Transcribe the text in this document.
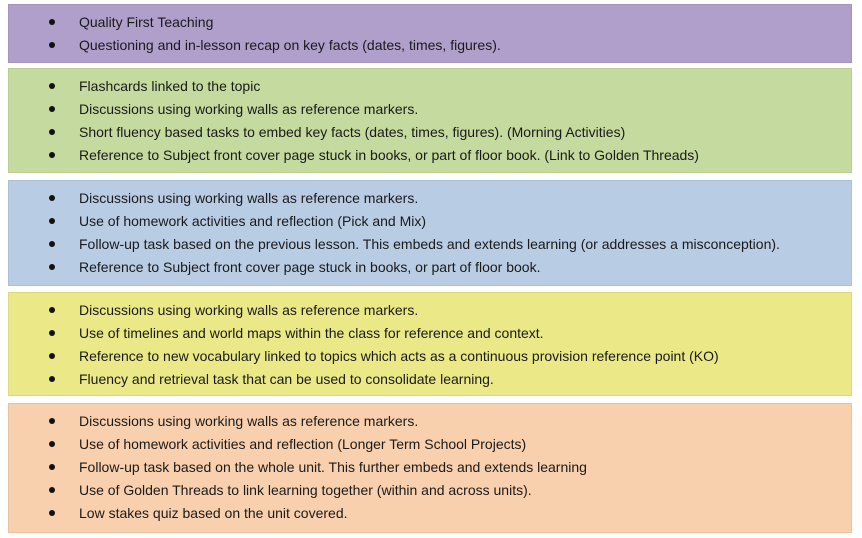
Quality First Teaching
Questioning and in-lesson recap on key facts (dates, times, figures).
Flashcards linked to the topic
Discussions using working walls as reference markers.
Short fluency based tasks to embed key facts (dates, times, figures). (Morning Activities)
Reference to Subject front cover page stuck in books, or part of floor book. (Link to Golden Threads)
Discussions using working walls as reference markers.
Use of homework activities and reflection (Pick and Mix)
Follow-up task based on the previous lesson. This embeds and extends learning (or addresses a misconception).
Reference to Subject front cover page stuck in books, or part of floor book.
Discussions using working walls as reference markers.
Use of timelines and world maps within the class for reference and context.
Reference to new vocabulary linked to topics which acts as a continuous provision reference point (KO)
Fluency and retrieval task that can be used to consolidate learning.
Discussions using working walls as reference markers.
Use of homework activities and reflection (Longer Term School Projects)
Follow-up task based on the whole unit. This further embeds and extends learning
Use of Golden Threads to link learning together (within and across units).
Low stakes quiz based on the unit covered.
